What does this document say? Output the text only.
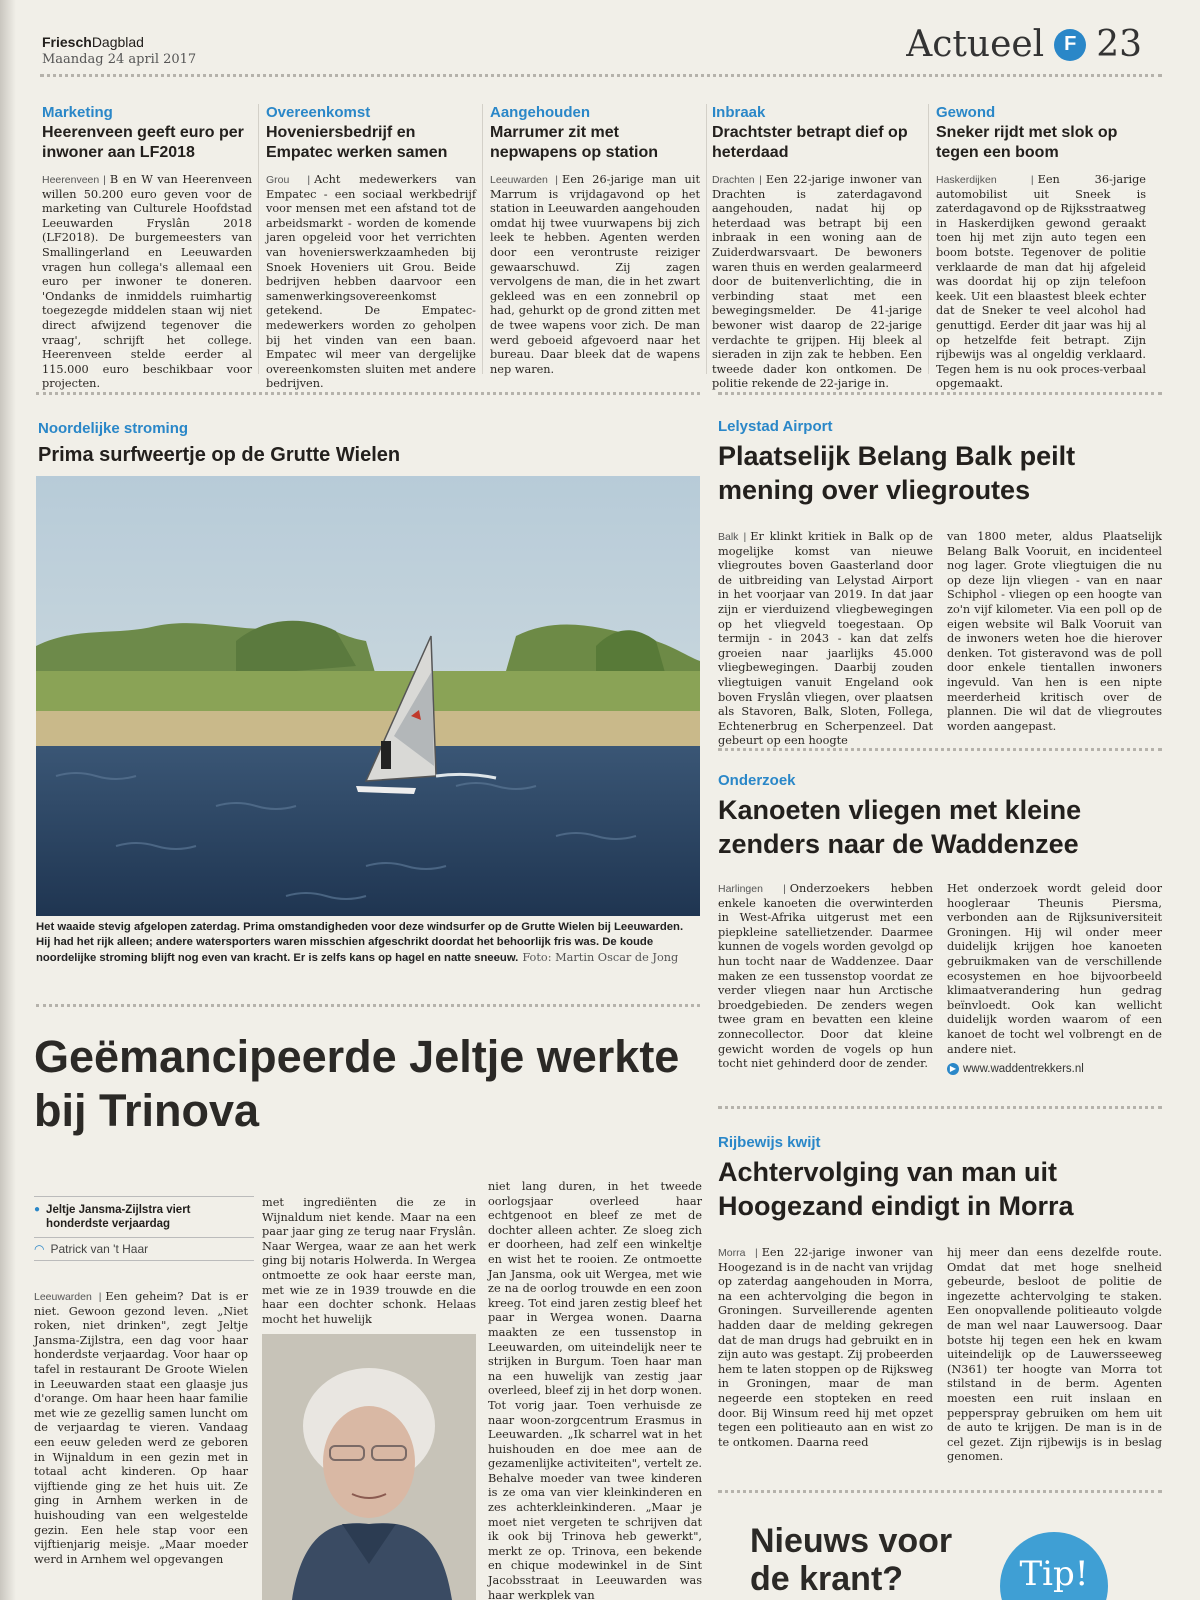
FrieschDagblad
Maandag 24 april 2017	Actueel F 23
Marketing
Heerenveen geeft euro per inwoner aan LF2018
Heerenveen | B en W van Heerenveen willen 50.200 euro geven voor de marketing van Culturele Hoofdstad Leeuwarden Fryslân 2018 (LF2018). De burgemeesters van Smallingerland en Leeuwarden vragen hun collega's allemaal een euro per inwoner te doneren. 'Ondanks de inmiddels ruimhartig toegezegde middelen staan wij niet direct afwijzend tegenover die vraag', schrijft het college. Heerenveen stelde eerder al 115.000 euro beschikbaar voor projecten.
Overeenkomst
Hoveniersbedrijf en Empatec werken samen
Grou | Acht medewerkers van Empatec - een sociaal werkbedrijf voor mensen met een afstand tot de arbeidsmarkt - worden de komende jaren opgeleid voor het verrichten van hovenierswerkzaamheden bij Snoek Hoveniers uit Grou. Beide bedrijven hebben daarvoor een samenwerkingsovereenkomst getekend. De Empatec-medewerkers worden zo geholpen bij het vinden van een baan. Empatec wil meer van dergelijke overeenkomsten sluiten met andere bedrijven.
Aangehouden
Marrumer zit met nepwapens op station
Leeuwarden | Een 26-jarige man uit Marrum is vrijdagavond op het station in Leeuwarden aangehouden omdat hij twee vuurwapens bij zich leek te hebben. Agenten werden door een verontruste reiziger gewaarschuwd. Zij zagen vervolgens de man, die in het zwart gekleed was en een zonnebril op had, gehurkt op de grond zitten met de twee wapens voor zich. De man werd geboeid afgevoerd naar het bureau. Daar bleek dat de wapens nep waren.
Inbraak
Drachtster betrapt dief op heterdaad
Drachten | Een 22-jarige inwoner van Drachten is zaterdagavond aangehouden, nadat hij op heterdaad was betrapt bij een inbraak in een woning aan de Zuiderdwarsvaart. De bewoners waren thuis en werden gealarmeerd door de buitenverlichting, die in verbinding staat met een bewegingsmelder. De 41-jarige bewoner wist daarop de 22-jarige verdachte te grijpen. Hij bleek al sieraden in zijn zak te hebben. Een tweede dader kon ontkomen. De politie rekende de 22-jarige in.
Gewond
Sneker rijdt met slok op tegen een boom
Haskerdijken | Een 36-jarige automobilist uit Sneek is zaterdagavond op de Rijksstraatweg in Haskerdijken gewond geraakt toen hij met zijn auto tegen een boom botste. Tegenover de politie verklaarde de man dat hij afgeleid was doordat hij op zijn telefoon keek. Uit een blaastest bleek echter dat de Sneker te veel alcohol had genuttigd. Eerder dit jaar was hij al op hetzelfde feit betrapt. Zijn rijbewijs was al ongeldig verklaard. Tegen hem is nu ook proces-verbaal opgemaakt.
Noordelijke stroming
Prima surfweertje op de Grutte Wielen
Het waaide stevig afgelopen zaterdag. Prima omstandigheden voor deze windsurfer op de Grutte Wielen bij Leeuwarden. Hij had het rijk alleen; andere watersporters waren misschien afgeschrikt doordat het behoorlijk fris was. De koude noordelijke stroming blijft nog even van kracht. Er is zelfs kans op hagel en natte sneeuw. Foto: Martin Oscar de Jong
Lelystad Airport
Plaatselijk Belang Balk peilt mening over vliegroutes
Balk | Er klinkt kritiek in Balk op de mogelijke komst van nieuwe vliegroutes boven Gaasterland door de uitbreiding van Lelystad Airport in het voorjaar van 2019. In dat jaar zijn er vierduizend vliegbewegingen op het vliegveld toegestaan. Op termijn - in 2043 - kan dat zelfs groeien naar jaarlijks 45.000 vliegbewegingen. Daarbij zouden vliegtuigen vanuit Engeland ook boven Fryslân vliegen, over plaatsen als Stavoren, Balk, Sloten, Follega, Echtenerbrug en Scherpenzeel. Dat gebeurt op een hoogte
van 1800 meter, aldus Plaatselijk Belang Balk Vooruit, en incidenteel nog lager. Grote vliegtuigen die nu op deze lijn vliegen - van en naar Schiphol - vliegen op een hoogte van zo'n vijf kilometer. Via een poll op de eigen website wil Balk Vooruit van de inwoners weten hoe die hierover denken. Tot gisteravond was de poll door enkele tientallen inwoners ingevuld. Van hen is een nipte meerderheid kritisch over de plannen. Die wil dat de vliegroutes worden aangepast.
Onderzoek
Kanoeten vliegen met kleine zenders naar de Waddenzee
Harlingen | Onderzoekers hebben enkele kanoeten die overwinterden in West-Afrika uitgerust met een piepkleine satellietzender. Daarmee kunnen de vogels worden gevolgd op hun tocht naar de Waddenzee. Daar maken ze een tussenstop voordat ze verder vliegen naar hun Arctische broedgebieden. De zenders wegen twee gram en bevatten een kleine zonnecollector. Door dat kleine gewicht worden de vogels op hun tocht niet gehinderd door de zender.
Het onderzoek wordt geleid door hoogleraar Theunis Piersma, verbonden aan de Rijksuniversiteit Groningen. Hij wil onder meer duidelijk krijgen hoe kanoeten gebruikmaken van de verschillende ecosystemen en hoe bijvoorbeeld klimaatverandering hun gedrag beïnvloedt. Ook kan wellicht duidelijk worden waarom of een kanoet de tocht wel volbrengt en de andere niet.
▶ www.waddentrekkers.nl
Rijbewijs kwijt
Achtervolging van man uit Hoogezand eindigt in Morra
Morra | Een 22-jarige inwoner van Hoogezand is in de nacht van vrijdag op zaterdag aangehouden in Morra, na een achtervolging die begon in Groningen. Surveillerende agenten hadden daar de melding gekregen dat de man drugs had gebruikt en in zijn auto was gestapt. Zij probeerden hem te laten stoppen op de Rijksweg in Groningen, maar de man negeerde een stopteken en reed door. Bij Winsum reed hij met opzet tegen een politieauto aan en wist zo te ontkomen. Daarna reed
hij meer dan eens dezelfde route. Omdat dat met hoge snelheid gebeurde, besloot de politie de ingezette achtervolging te staken. Een onopvallende politieauto volgde de man wel naar Lauwersoog. Daar botste hij tegen een hek en kwam uiteindelijk op de Lauwersseeweg (N361) ter hoogte van Morra tot stilstand in de berm. Agenten moesten een ruit inslaan en pepperspray gebruiken om hem uit de auto te krijgen. De man is in de cel gezet. Zijn rijbewijs is in beslag genomen.
Nieuws voor
de krant?	Tip!
Geëmancipeerde Jeltje werkte bij Trinova
● Jeltje Jansma-Zijlstra viert honderdste verjaardag
◠ Patrick van 't Haar
Leeuwarden | Een geheim? Dat is er niet. Gewoon gezond leven. „Niet roken, niet drinken", zegt Jeltje Jansma-Zijlstra, een dag voor haar honderdste verjaardag. Voor haar op tafel in restaurant De Groote Wielen in Leeuwarden staat een glaasje jus d'orange. Om haar heen haar familie met wie ze gezellig samen luncht om de verjaardag te vieren. Vandaag een eeuw geleden werd ze geboren in Wijnaldum in een gezin met in totaal acht kinderen. Op haar vijftiende ging ze het huis uit. Ze ging in Arnhem werken in de huishouding van een welgestelde gezin. Een hele stap voor een vijftienjarig meisje. „Maar moeder werd in Arnhem wel opgevangen
met ingrediënten die ze in Wijnaldum niet kende. Maar na een paar jaar ging ze terug naar Fryslân. Naar Wergea, waar ze aan het werk ging bij notaris Holwerda. In Wergea ontmoette ze ook haar eerste man, met wie ze in 1939 trouwde en die haar een dochter schonk. Helaas mocht het huwelijk
niet lang duren, in het tweede oorlogsjaar overleed haar echtgenoot en bleef ze met de dochter alleen achter. Ze sloeg zich er doorheen, had zelf een winkeltje en wist het te rooien. Ze ontmoette Jan Jansma, ook uit Wergea, met wie ze na de oorlog trouwde en een zoon kreeg. Tot eind jaren zestig bleef het paar in Wergea wonen. Daarna maakten ze een tussenstop in Leeuwarden, om uiteindelijk neer te strijken in Burgum. Toen haar man na een huwelijk van zestig jaar overleed, bleef zij in het dorp wonen. Tot vorig jaar. Toen verhuisde ze naar woon-zorgcentrum Erasmus in Leeuwarden. „Ik scharrel wat in het huishouden en doe mee aan de gezamenlijke activiteiten", vertelt ze. Behalve moeder van twee kinderen is ze oma van vier kleinkinderen en zes achterkleinkinderen. „Maar je moet niet vergeten te schrijven dat ik ook bij Trinova heb gewerkt", merkt ze op. Trinova, een bekende en chique modewinkel in de Sint Jacobsstraat in Leeuwarden was haar werkplek van
